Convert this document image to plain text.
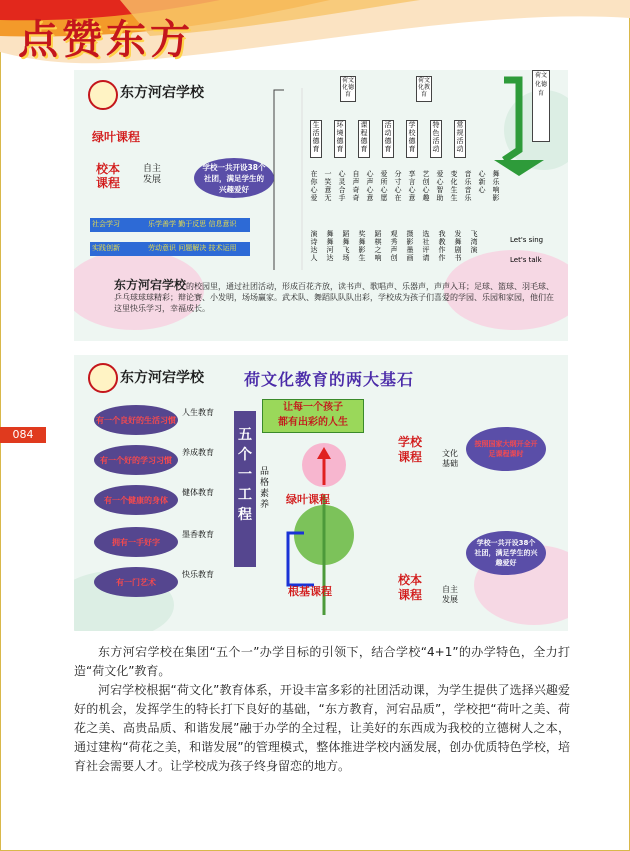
点赞东方
084
东方河宕学校
绿叶课程
校本
课程
自主
发展
学校一共开设38个社团，满足学生的兴趣爱好
社会学习	乐学善学 勤于反思 信息意识
实践创新	劳动意识 问题解决 技术运用
荷文化德育
荷文化教育
荷文化德育
生活德育
环境德育
课程德育
活动德育
学校德育
特色活动
常规活动
在你心爱
一笑意无
心灵合手
自声奇奇
心声心意
爱所心愿
分寸心在
享言心意
艺创心趣
爱心智助
变化生生
音乐音乐
心新心
舞乐响影
演诗达人
舞舞河达
蹈舞飞场
奖舞影生
蹈棋之响
观秀声创
摄影墨画
选社评请
我教作作
发舞剧书
飞湾演
Let's sing
Let's talk
东方河宕学校的校园里，通过社团活动，形成百花齐放，读书声、歌唱声、乐器声，声声入耳；足球、篮球、羽毛球、乒乓球球球精彩；辩论赛、小发明，场场赢家。武术队、舞蹈队队队出彩，学校成为孩子们喜爱的学园、乐园和家园，他们在这里快乐学习，幸福成长。
东方河宕学校	荷文化教育的两大基石
有一个良好的生活习惯
有一个好的学习习惯
有一个健康的身体
拥有一手好字
有一门艺术
人生教育
养成教育
健体教育
墨香教育
快乐教育
五个一工程
品格素养
让每一个孩子
都有出彩的人生
绿叶课程
根基课程
学校
课程	文化
基础
按照国家大纲开全开足课程课时
校本
课程	自主
发展
学校一共开设38个社团，满足学生的兴趣爱好

东方河宕学校在集团“五个一”办学目标的引领下，结合学校“4+1”的办学特色，全力打造“荷文化”教育。

河宕学校根据“荷文化”教育体系，开设丰富多彩的社团活动课，为学生提供了选择兴趣爱好的机会，发挥学生的特长打下良好的基础，“东方教育，河宕品质”，学校把“荷叶之美、荷花之美、高贵品质、和谐发展”融于办学的全过程，让美好的东西成为我校的立德树人之本，通过建构“荷花之美，和谐发展”的管理模式，整体推进学校内涵发展，创办优质特色学校，培育社会需要人才。让学校成为孩子终身留恋的地方。
